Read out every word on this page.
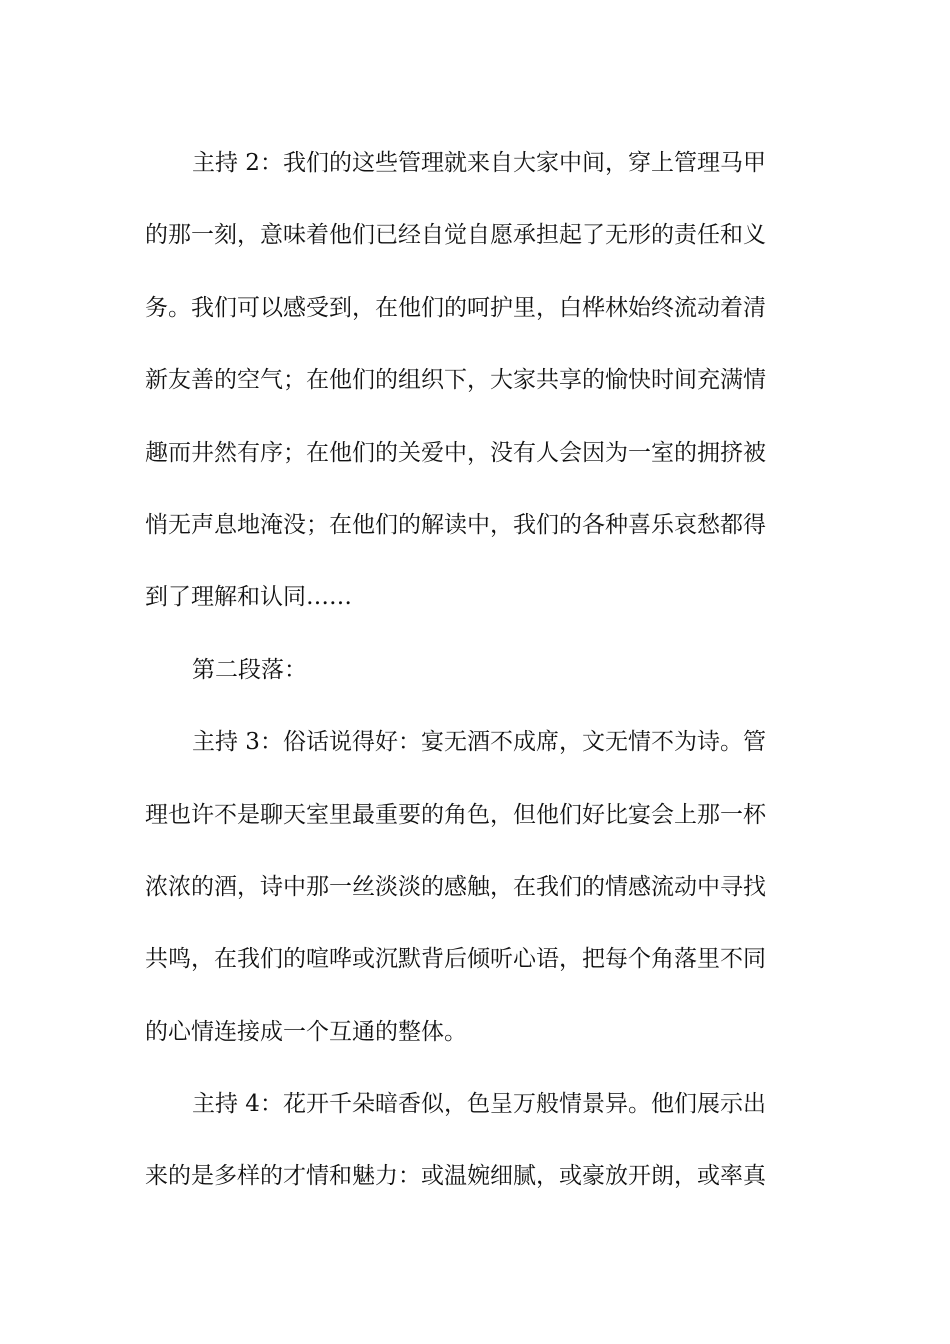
主持 2：我们的这些管理就来自大家中间，穿上管理马甲
的那一刻，意味着他们已经自觉自愿承担起了无形的责任和义
务。我们可以感受到，在他们的呵护里，白桦林始终流动着清
新友善的空气；在他们的组织下，大家共享的愉快时间充满情
趣而井然有序；在他们的关爱中，没有人会因为一室的拥挤被
悄无声息地淹没；在他们的解读中，我们的各种喜乐哀愁都得
到了理解和认同……

第二段落：

主持 3：俗话说得好：宴无酒不成席，文无情不为诗。管
理也许不是聊天室里最重要的角色，但他们好比宴会上那一杯
浓浓的酒，诗中那一丝淡淡的感触，在我们的情感流动中寻找
共鸣，在我们的喧哗或沉默背后倾听心语，把每个角落里不同
的心情连接成一个互通的整体。

主持 4：花开千朵暗香似，色呈万般情景异。他们展示出
来的是多样的才情和魅力：或温婉细腻，或豪放开朗，或率真
